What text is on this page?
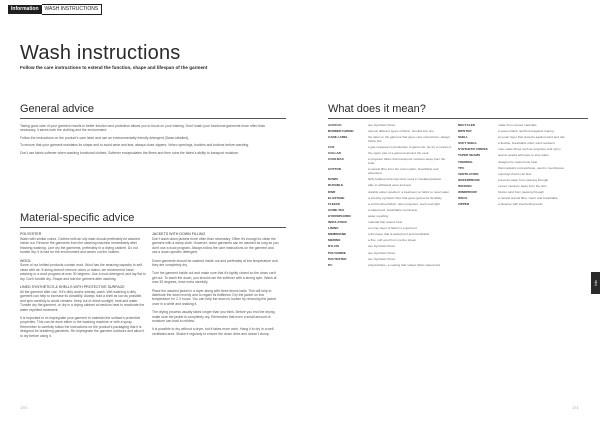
Information	WASH INSTRUCTIONS
Wash instructions
Follow the care instructions to extend the function, shape and lifespan of the garment
General advice

Taking good care of your garment results in better function and protection allows you to focus on your training. Don't wash your functional garments more often than necessary, it saves both the clothing and the environment.

Follow the instructions on the product's care label and use an environmentally friendly detergent (Swan-labelled).

To ensure that your garment maintains its shape and to avoid wear and tear, always close zippers, Velcro openings, buckles and buttons before washing.

Don't use fabric softener when washing functional clothes. Softener encapsulates the fibres and then ruins the fabric's ability to transport moisture.

Material-specific advice
POLYESTER
Wash with similar colors. Clothes with an oily stain should preferably be washed inside out. Remove the garments from the washing machine immediately after finishing washing. Line dry the garments, preferably in a drying cabinet. Do not tumble dry, it is bad for the environment and wears out the clothes.
WOOL
Some of our knitted products contain wool. Wool has the amazing capacity to self-clean with air. If airing doesn't remove odors or stains, we recommend hand-washing or a wool program at max 30 degrees. Use a wool detergent, and lay flat to dry. Don't tumble dry. Shape and fold the garment after washing.
LINED SYNTHETICS & SHELLS WITH PROTECTIVE SURFACE
All the garment after use. If it's dirty and/or sweaty, wash. Wet washing a dirty garment can help to increase its durability. Always hold a shell as low as possible, and spin carefully to avoid creases. Keep out of direct sunlight, heat and water. Tumble dry the garment, or dry in a drying cabinet at medium heat to reactivate the water repellent treatment.
It is important to re-impregnate your garment to maintain the surface's protective properties. This can be done either in the washing machine or with a spray. Remember to carefully follow the instructions on the product's packaging that it is designed for breathing garments. Re-impregnate the garment outdoors and allow it to dry before using it.
JACKETS WITH DOWN FILLING
Don't wash down jackets more often than necessary. Often it's enough to clean the garment with a damp cloth. However, down garments can be washed as long as you don't use a wool program. Always follow the care instructions on the garment and use a down-specific detergent.
Down garments should be washed inside out and preferably at low temperature and they are completely dry.
Turn the garment inside out and make sure that it's tightly closed so the down can't get out. To wash the down, you should use the softener with a strong spin. Wash at max 30 degrees, rinse extra carefully.
Place the washed jacket in a dryer along with three tennis balls. This will help to distribute the down evenly and to regain its fluffiness. Dry the jacket on low temperature for 2-3 hours. You can help the down to loosen by removing the jacket once in a while and shaking it.
The drying process usually takes longer than you think. Before you end the drying, make sure the jacket is completely dry. Remember that even a small amount of moisture can lead to mildew.
It is possible to dry without a dryer, but it takes more work. Hang it to dry in a well-ventilated area. Shake it regularly to ensure the down dries and doesn't clump.
What does it mean?
ACRYLIC	see Synthetic fibres
BONDED FABRIC	various different types of fabric, bonded into one
CARE LABEL	the label on the garment that gives care instructions; always follow this
CO2	a gas released on production of garments; we try to reduce it
COLLAR	the upper part of a garment around the neck
COOLMAX	a polyester fabric that transports moisture away from the body
COTTON	a natural fibre from the cotton plant; breathable and absorbent
DOWN	fluffy feathers that trap heat; used in insulated jackets
DURABLE	able to withstand wear and tear
DWR	durable water repellent: a treatment on fabric to repel water
ELASTANE	a stretchy synthetic fibre that gives garments flexibility
FLEECE	a soft brushed fabric; often polyester; warm and light
GORE-TEX	a waterproof, breathable membrane
HYDROPHOBIC	water repelling
INSULATION	material that retains heat
LINING	an inner layer of fabric in a garment
MEMBRANE	a thin layer that is waterproof and breathable
MERINO	a fine, soft wool from merino sheep
NYLON	see Synthetic fibres
POLYAMIDE	see Synthetic fibres
POLYESTER	see Synthetic fibres
PU	polyurethane: a coating that makes fabric waterproof
RECYCLED	made from reused materials
RIPSTOP	a woven fabric reinforced against tearing
SHELL	an outer layer that protects against wind and rain
SOFT SHELL	a flexible, breathable shell; wind-resistant
SYNTHETIC FIBRES	man-made fibres such as polyester and nylon
TAPED SEAMS	seams sealed with tape to stop water
THERMAL	designed to retain body heat
TPU	thermoplastic polyurethane; used in membranes
VENTILATION	openings that let air flow
WATERPROOF	prevents water from passing through
WICKING	moves moisture away from the skin
WINDPROOF	blocks wind from passing through
WOOL	a natural animal fibre; warm and breathable
ZIPPER	a fastener with interlocking teeth
Info
170	171
